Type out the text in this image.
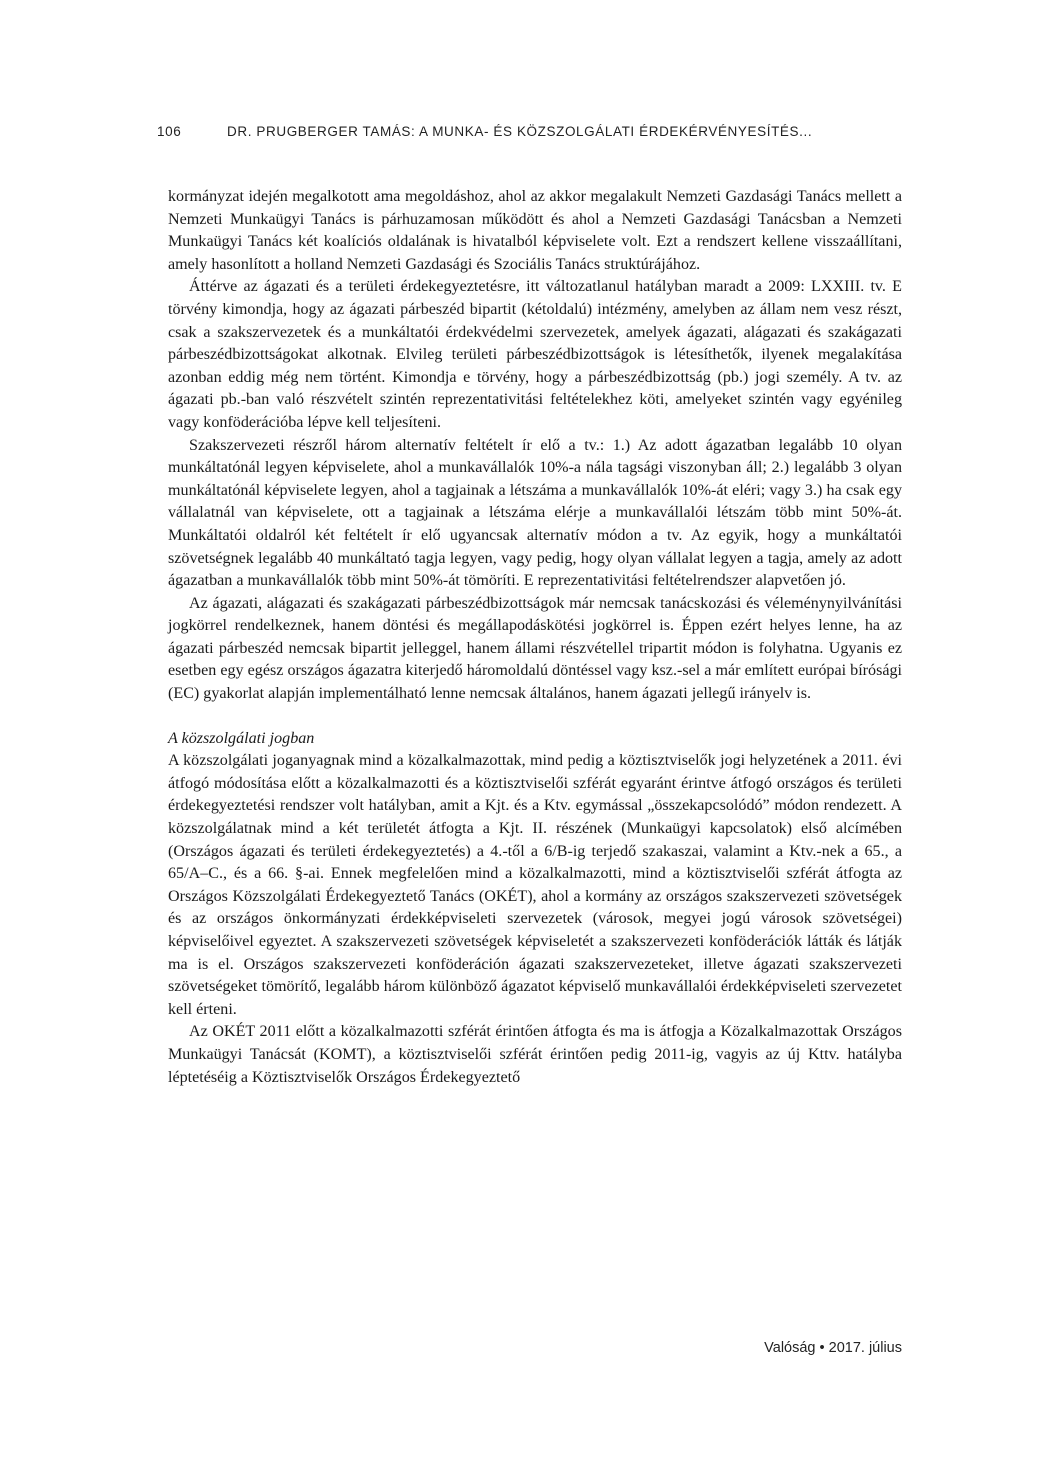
106	DR. PRUGBERGER TAMÁS: A MUNKA- ÉS KÖZSZOLGÁLATI ÉRDEKÉRVÉNYESÍTÉS...

kormányzat idején megalkotott ama megoldáshoz, ahol az akkor megalakult Nemzeti Gazdasági Tanács mellett a Nemzeti Munkaügyi Tanács is párhuzamosan működött és ahol a Nemzeti Gazdasági Tanácsban a Nemzeti Munkaügyi Tanács két koalíciós oldalának is hivatalból képviselete volt. Ezt a rendszert kellene visszaállítani, amely hasonlított a holland Nemzeti Gazdasági és Szociális Tanács struktúrájához.

Áttérve az ágazati és a területi érdekegyeztetésre, itt változatlanul hatályban maradt a 2009: LXXIII. tv. E törvény kimondja, hogy az ágazati párbeszéd bipartit (kétoldalú) intézmény, amelyben az állam nem vesz részt, csak a szakszervezetek és a munkáltatói érdekvédelmi szervezetek, amelyek ágazati, alágazati és szakágazati párbeszédbizottságokat alkotnak. Elvileg területi párbeszédbizottságok is létesíthetők, ilyenek megalakítása azonban eddig még nem történt. Kimondja e törvény, hogy a párbeszédbizottság (pb.) jogi személy. A tv. az ágazati pb.-ban való részvételt szintén reprezentativitási feltételekhez köti, amelyeket szintén vagy egyénileg vagy konföderációba lépve kell teljesíteni.

Szakszervezeti részről három alternatív feltételt ír elő a tv.: 1.) Az adott ágazatban legalább 10 olyan munkáltatónál legyen képviselete, ahol a munkavállalók 10%-a nála tagsági viszonyban áll; 2.) legalább 3 olyan munkáltatónál képviselete legyen, ahol a tagjainak a létszáma a munkavállalók 10%-át eléri; vagy 3.) ha csak egy vállalatnál van képviselete, ott a tagjainak a létszáma elérje a munkavállalói létszám több mint 50%-át. Munkáltatói oldalról két feltételt ír elő ugyancsak alternatív módon a tv. Az egyik, hogy a munkáltatói szövetségnek legalább 40 munkáltató tagja legyen, vagy pedig, hogy olyan vállalat legyen a tagja, amely az adott ágazatban a munkavállalók több mint 50%-át tömöríti. E reprezentativitási feltételrendszer alapvetően jó.

Az ágazati, alágazati és szakágazati párbeszédbizottságok már nemcsak tanácskozási és véleménynyilvánítási jogkörrel rendelkeznek, hanem döntési és megállapodáskötési jogkörrel is. Éppen ezért helyes lenne, ha az ágazati párbeszéd nemcsak bipartit jelleggel, hanem állami részvétellel tripartit módon is folyhatna. Ugyanis ez esetben egy egész országos ágazatra kiterjedő háromoldalú döntéssel vagy ksz.-sel a már említett európai bírósági (EC) gyakorlat alapján implementálható lenne nemcsak általános, hanem ágazati jellegű irányelv is.

A közszolgálati jogban

A közszolgálati joganyagnak mind a közalkalmazottak, mind pedig a köztisztviselők jogi helyzetének a 2011. évi átfogó módosítása előtt a közalkalmazotti és a köztisztviselői szférát egyaránt érintve átfogó országos és területi érdekegyeztetési rendszer volt hatályban, amit a Kjt. és a Ktv. egymással „összekapcsolódó” módon rendezett. A közszolgálatnak mind a két területét átfogta a Kjt. II. részének (Munkaügyi kapcsolatok) első alcímében (Országos ágazati és területi érdekegyeztetés) a 4.-től a 6/B-ig terjedő szakaszai, valamint a Ktv.-nek a 65., a 65/A–C., és a 66. §-ai. Ennek megfelelően mind a közalkalmazotti, mind a köztisztviselői szférát átfogta az Országos Közszolgálati Érdekegyeztető Tanács (OKÉT), ahol a kormány az országos szakszervezeti szövetségek és az országos önkormányzati érdekképviseleti szervezetek (városok, megyei jogú városok szövetségei) képviselőivel egyeztet. A szakszervezeti szövetségek képviseletét a szakszervezeti konföderációk látták és látják ma is el. Országos szakszervezeti konföderáción ágazati szakszervezeteket, illetve ágazati szakszervezeti szövetségeket tömörítő, legalább három különböző ágazatot képviselő munkavállalói érdekképviseleti szervezetet kell érteni.

Az OKÉT 2011 előtt a közalkalmazotti szférát érintően átfogta és ma is átfogja a Közalkalmazottak Országos Munkaügyi Tanácsát (KOMT), a köztisztviselői szférát érintően pedig 2011-ig, vagyis az új Kttv. hatályba léptetéséig a Köztisztviselők Országos Érdekegyeztető

Valóság • 2017. július
